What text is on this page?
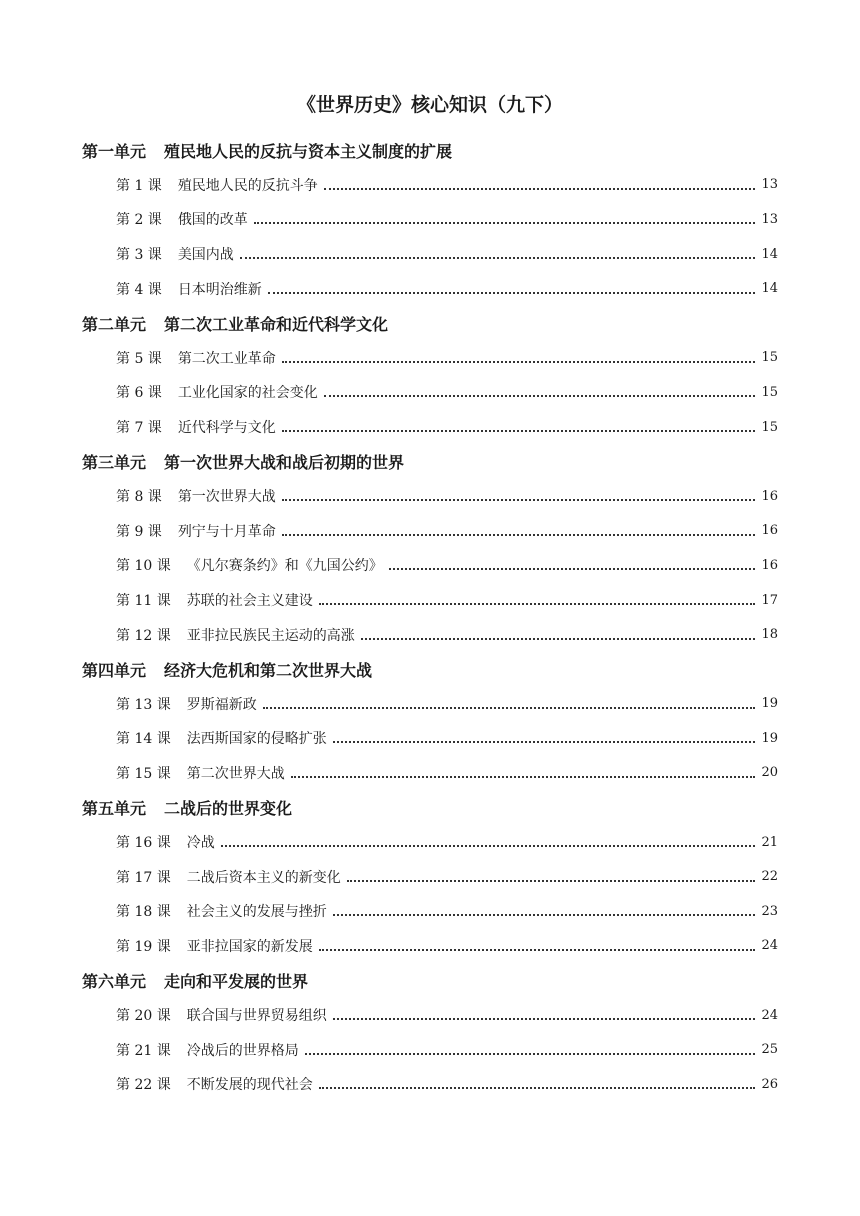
《世界历史》核心知识（九下）
第一单元 殖民地人民的反抗与资本主义制度的扩展
第 1 课 殖民地人民的反抗斗争	13
第 2 课 俄国的改革	13
第 3 课 美国内战	14
第 4 课 日本明治维新	14
第二单元 第二次工业革命和近代科学文化
第 5 课 第二次工业革命	15
第 6 课 工业化国家的社会变化	15
第 7 课 近代科学与文化	15
第三单元 第一次世界大战和战后初期的世界
第 8 课 第一次世界大战	16
第 9 课 列宁与十月革命	16
第 10 课 《凡尔赛条约》和《九国公约》	16
第 11 课 苏联的社会主义建设	17
第 12 课 亚非拉民族民主运动的高涨	18
第四单元 经济大危机和第二次世界大战
第 13 课 罗斯福新政	19
第 14 课 法西斯国家的侵略扩张	19
第 15 课 第二次世界大战	20
第五单元 二战后的世界变化
第 16 课 冷战	21
第 17 课 二战后资本主义的新变化	22
第 18 课 社会主义的发展与挫折	23
第 19 课 亚非拉国家的新发展	24
第六单元 走向和平发展的世界
第 20 课 联合国与世界贸易组织	24
第 21 课 冷战后的世界格局	25
第 22 课 不断发展的现代社会	26
